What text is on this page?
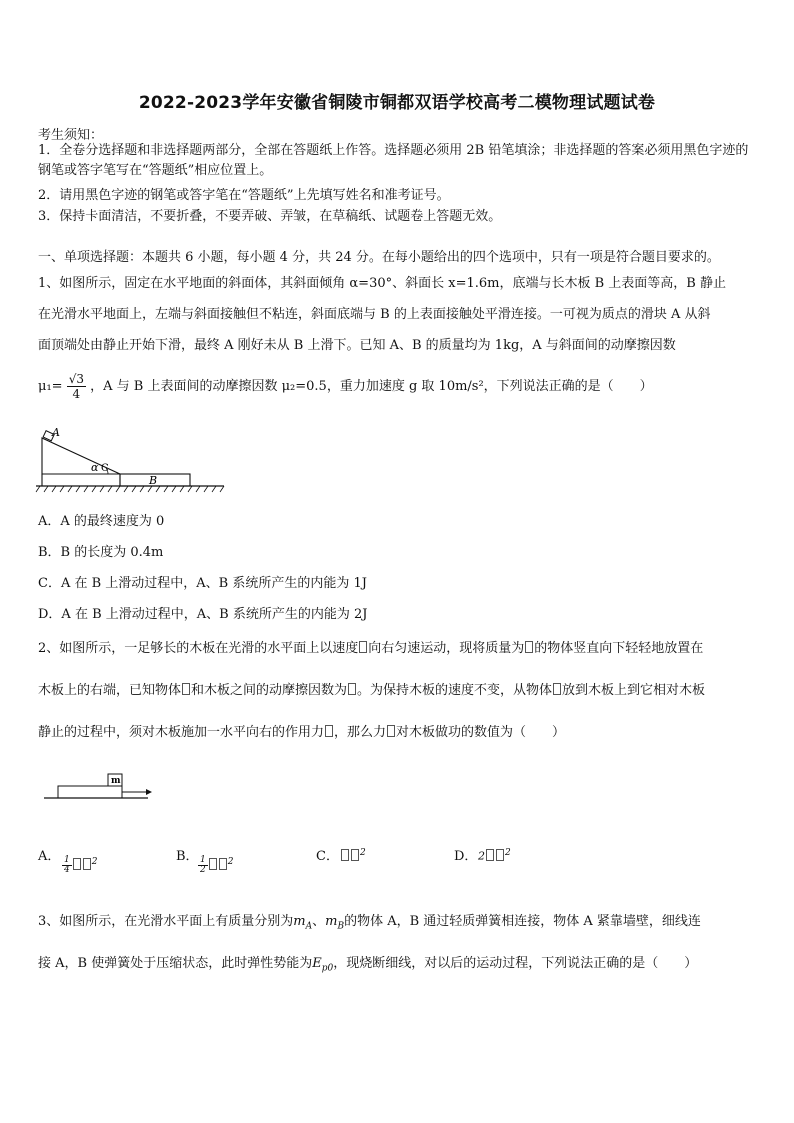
2022-2023学年安徽省铜陵市铜都双语学校高考二模物理试题试卷
考生须知：
1．全卷分选择题和非选择题两部分，全部在答题纸上作答。选择题必须用 2B 铅笔填涂；非选择题的答案必须用黑色字迹的钢笔或答字笔写在“答题纸”相应位置上。
2．请用黑色字迹的钢笔或答字笔在“答题纸”上先填写姓名和准考证号。
3．保持卡面清洁，不要折叠，不要弄破、弄皱，在草稿纸、试题卷上答题无效。
一、单项选择题：本题共 6 小题，每小题 4 分，共 24 分。在每小题给出的四个选项中，只有一项是符合题目要求的。
1、如图所示，固定在水平地面的斜面体，其斜面倾角 α=30°、斜面长 x=1.6m，底端与长木板 B 上表面等高，B 静止
在光滑水平地面上，左端与斜面接触但不粘连，斜面底端与 B 的上表面接触处平滑连接。一可视为质点的滑块 A 从斜
面顶端处由静止开始下滑，最终 A 刚好未从 B 上滑下。已知 A、B 的质量均为 1kg，A 与斜面间的动摩擦因数
$\mu_1= \frac{√3}{4}$ ，A 与 B 上表面间的动摩擦因数 μ₂=0.5，重力加速度 g 取 10m/s²，下列说法正确的是（　　）
A
α C
B
A．A 的最终速度为 0
B．B 的长度为 0.4m
C．A 在 B 上滑动过程中，A、B 系统所产生的内能为 1J
D．A 在 B 上滑动过程中，A、B 系统所产生的内能为 2J
2、如图所示，一足够长的木板在光滑的水平面上以速度 向右匀速运动，现将质量为 的物体竖直向下轻轻地放置在
木板上的右端，已知物体 和木板之间的动摩擦因数为 。为保持木板的速度不变，从物体 放到木板上到它相对木板
静止的过程中，须对木板施加一水平向右的作用力 ，那么力 对木板做功的数值为（　　）
m
A． $\frac{1}{4} ^2$	B． $\frac{1}{2} ^2$	C．	$^2$	D． 2 $^2$
3、如图所示，在光滑水平面上有质量分别为$m_A$、$m_B$的物体 A，B 通过轻质弹簧相连接，物体 A 紧靠墙壁，细线连
接 A，B 使弹簧处于压缩状态，此时弹性势能为$E_{p0}$，现烧断细线，对以后的运动过程，下列说法正确的是（　　）
